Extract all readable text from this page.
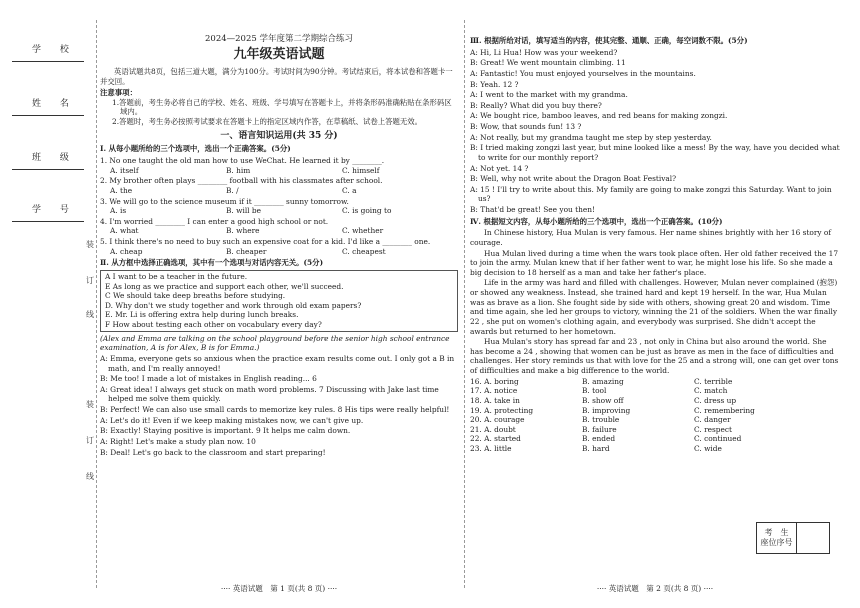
学 校
姓 名
班 级
学 号
装
订
线
装
订
线
2024—2025 学年度第二学期综合练习
九年级英语试题
英语试题共8页，包括三道大题，满分为100分。考试时间为90分钟。考试结束后，将本试卷和答题卡一并交回。
注意事项：
1.答题前，考生务必将自己的学校、姓名、班级、学号填写在答题卡上，并将条形码准确粘贴在条形码区域内。
2.答题时，考生务必按照考试要求在答题卡上的指定区域内作答，在草稿纸、试卷上答题无效。
一、语言知识运用(共 35 分)
Ⅰ. 从每小题所给的三个选项中，选出一个正确答案。(5分)
1. No one taught the old man how to use WeChat. He learned it by ________.
A. itself	B. him	C. himself
2. My brother often plays ________ football with his classmates after school.
A. the	B. /	C. a
3. We will go to the science museum if it ________ sunny tomorrow.
A. is	B. will be	C. is going to
4. I'm worried ________ I can enter a good high school or not.
A. what	B. where	C. whether
5. I think there's no need to buy such an expensive coat for a kid. I'd like a ________ one.
A. cheap	B. cheaper	C. cheapest
Ⅱ. 从方框中选择正确选项，其中有一个选项与对话内容无关。(5分)
A I want to be a teacher in the future.
E As long as we practice and support each other, we'll succeed.
C We should take deep breaths before studying.
D. Why don't we study together and work through old exam papers?
E. Mr. Li is offering extra help during lunch breaks.
F How about testing each other on vocabulary every day?
(Alex and Emma are talking on the school playground before the senior high school entrance examination, A is for Alex, B is for Emma.)
A: Emma, everyone gets so anxious when the practice exam results come out. I only got a B in math, and I'm really annoyed!
B: Me too! I made a lot of mistakes in English reading... 6
A: Great idea! I always get stuck on math word problems. 7 Discussing with Jake last time helped me solve them quickly.
B: Perfect! We can also use small cards to memorize key rules. 8 His tips were really helpful!
A: Let's do it! Even if we keep making mistakes now, we can't give up.
B: Exactly! Staying positive is important. 9 It helps me calm down.
A: Right! Let's make a study plan now. 10
B: Deal! Let's go back to the classroom and start preparing!
···· 英语试题　第 1 页(共 8 页) ····
Ⅲ. 根据所给对话，填写适当的内容，使其完整、通顺、正确，每空词数不限。(5分)
A: Hi, Li Hua! How was your weekend?
B: Great! We went mountain climbing. 11
A: Fantastic! You must enjoyed yourselves in the mountains.
B: Yeah. 12 ?
A: I went to the market with my grandma.
B: Really? What did you buy there?
A: We bought rice, bamboo leaves, and red beans for making zongzi.
B: Wow, that sounds fun! 13 ?
A: Not really, but my grandma taught me step by step yesterday.
B: I tried making zongzi last year, but mine looked like a mess! By the way, have you decided what to write for our monthly report?
A: Not yet. 14 ?
B: Well, why not write about the Dragon Boat Festival?
A: 15 ! I'll try to write about this. My family are going to make zongzi this Saturday. Want to join us?
B: That'd be great! See you then!
Ⅳ. 根据短文内容，从每小题所给的三个选项中，选出一个正确答案。(10分)
In Chinese history, Hua Mulan is very famous. Her name shines brightly with her 16 story of courage.
Hua Mulan lived during a time when the wars took place often. Her old father received the 17 to join the army. Mulan knew that if her father went to war, he might lose his life. So she made a big decision to 18 herself as a man and take her father's place.
Life in the army was hard and filled with challenges. However, Mulan never complained (抱怨) or showed any weakness. Instead, she trained hard and kept 19 herself. In the war, Hua Mulan was as brave as a lion. She fought side by side with others, showing great 20 and wisdom. Time and time again, she led her groups to victory, winning the 21 of the soldiers. When the war finally 22 , she put on women's clothing again, and everybody was surprised. She didn't accept the awards but returned to her hometown.
Hua Mulan's story has spread far and 23 , not only in China but also around the world. She has become a 24 , showing that women can be just as brave as men in the face of difficulties and challenges. Her story reminds us that with love for the 25 and a strong will, one can get over tons of difficulties and make a big difference to the world.
16. A. boring	B. amazing	C. terrible
17. A. notice	B. tool	C. match
18. A. take in	B. show off	C. dress up
19. A. protecting	B. improving	C. remembering
20. A. courage	B. trouble	C. danger
21. A. doubt	B. failure	C. respect
22. A. started	B. ended	C. continued
23. A. little	B. hard	C. wide
考　生
座位序号
···· 英语试题　第 2 页(共 8 页) ····
